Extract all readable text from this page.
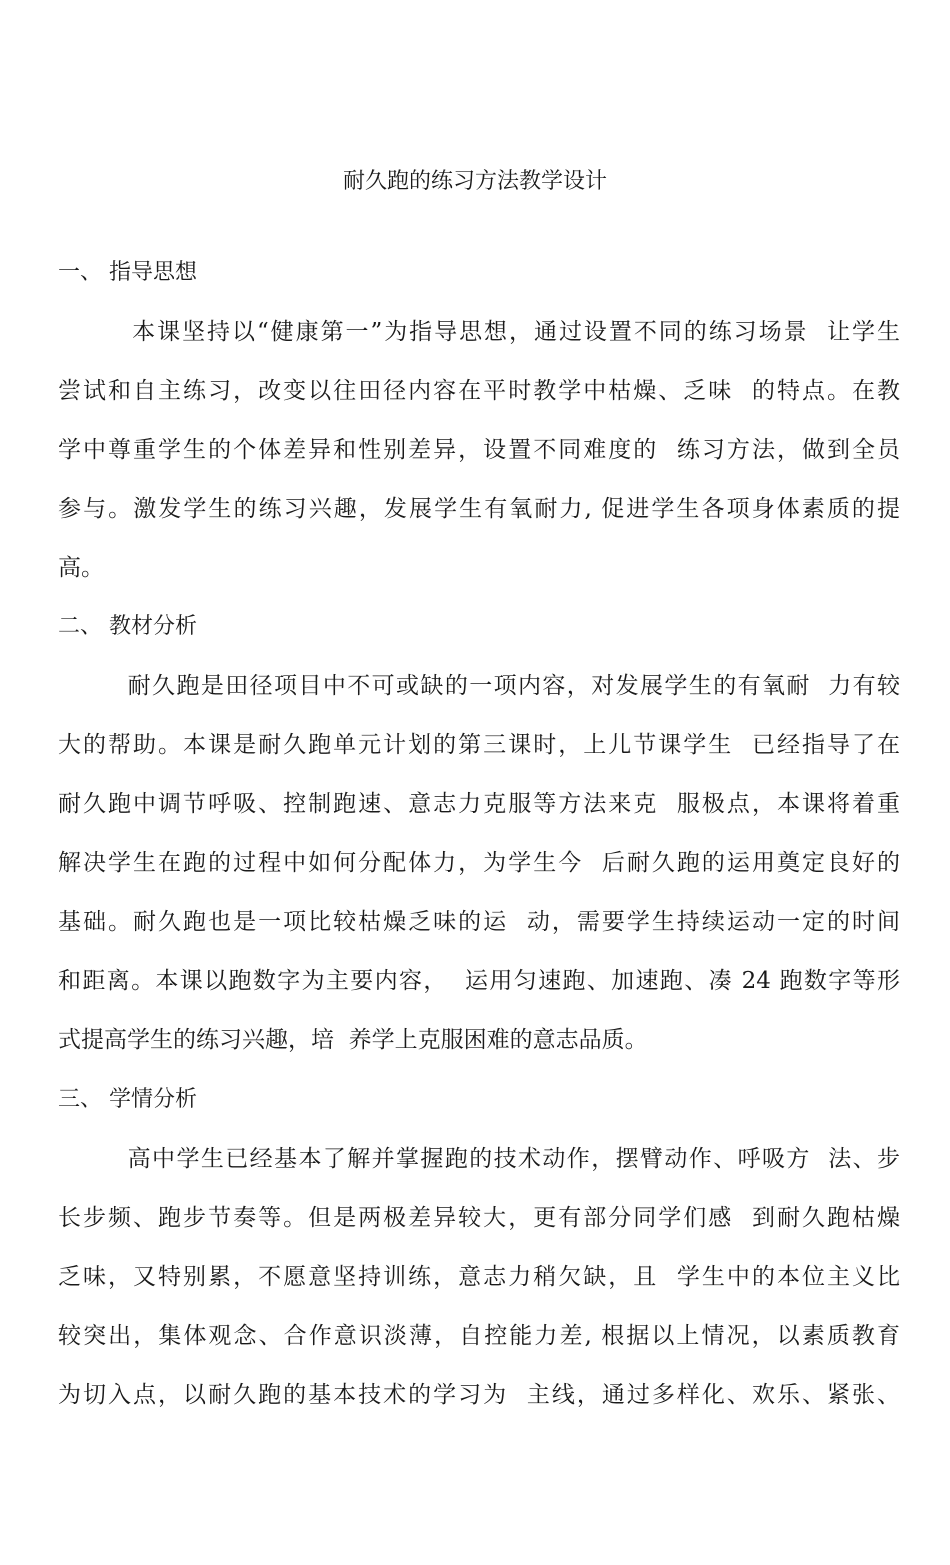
耐久跑的练习方法教学设计
一、 指导思想
本课坚持以“健康第一”为指导思想，通过设置不同的练习场景  让学生
尝试和自主练习，改变以往田径内容在平时教学中枯燥、乏味  的特点。在教
学中尊重学生的个体差异和性别差异，设置不同难度的  练习方法，做到全员
参与。激发学生的练习兴趣，发展学生有氧耐力, 促进学生各项身体素质的提
高。
二、 教材分析
耐久跑是田径项目中不可或缺的一项内容，对发展学生的有氧耐  力有较
大的帮助。本课是耐久跑单元计划的第三课时，上儿节课学生  已经指导了在
耐久跑中调节呼吸、控制跑速、意志力克服等方法来克  服极点，本课将着重
解决学生在跑的过程中如何分配体力，为学生今  后耐久跑的运用奠定良好的
基础。耐久跑也是一项比较枯燥乏味的运  动，需要学生持续运动一定的时间
和距离。本课以跑数字为主要内容，  运用匀速跑、加速跑、凑 24 跑数字等形
式提高学生的练习兴趣，培  养学上克服困难的意志品质。
三、 学情分析
高中学生已经基本了解并掌握跑的技术动作，摆臂动作、呼吸方  法、步
长步频、跑步节奏等。但是两极差异较大，更有部分同学们感  到耐久跑枯燥
乏味，又特别累，不愿意坚持训练，意志力稍欠缺，且  学生中的本位主义比
较突出，集体观念、合作意识淡薄，自控能力差, 根据以上情况，以素质教育
为切入点，以耐久跑的基本技术的学习为  主线，通过多样化、欢乐、紧张、
